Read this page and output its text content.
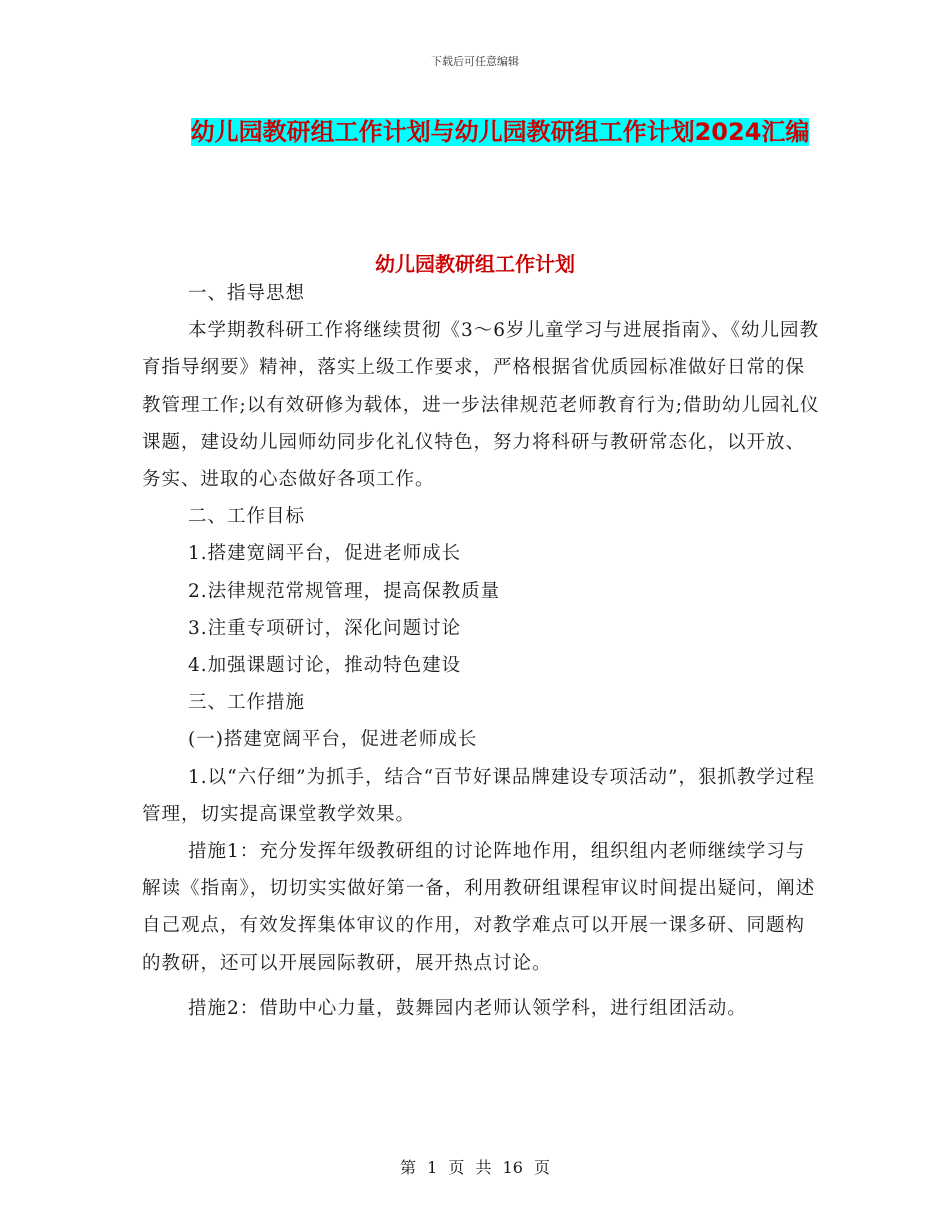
下载后可任意编辑
幼儿园教研组工作计划与幼儿园教研组工作计划2024汇编
幼儿园教研组工作计划

一、指导思想

本学期教科研工作将继续贯彻《3～6岁儿童学习与进展指南》、《幼儿园教育指导纲要》精神，落实上级工作要求，严格根据省优质园标准做好日常的保教管理工作;以有效研修为载体，进一步法律规范老师教育行为;借助幼儿园礼仪课题，建设幼儿园师幼同步化礼仪特色，努力将科研与教研常态化，以开放、务实、进取的心态做好各项工作。

二、工作目标

1.搭建宽阔平台，促进老师成长

2.法律规范常规管理，提高保教质量

3.注重专项研讨，深化问题讨论

4.加强课题讨论，推动特色建设

三、工作措施

(一)搭建宽阔平台，促进老师成长

1.以“六仔细”为抓手，结合“百节好课品牌建设专项活动”，狠抓教学过程管理，切实提高课堂教学效果。

措施1：充分发挥年级教研组的讨论阵地作用，组织组内老师继续学习与解读《指南》，切切实实做好第一备，利用教研组课程审议时间提出疑问，阐述自己观点，有效发挥集体审议的作用，对教学难点可以开展一课多研、同题构的教研，还可以开展园际教研，展开热点讨论。

措施2：借助中心力量，鼓舞园内老师认领学科，进行组团活动。

第 1 页 共 16 页
